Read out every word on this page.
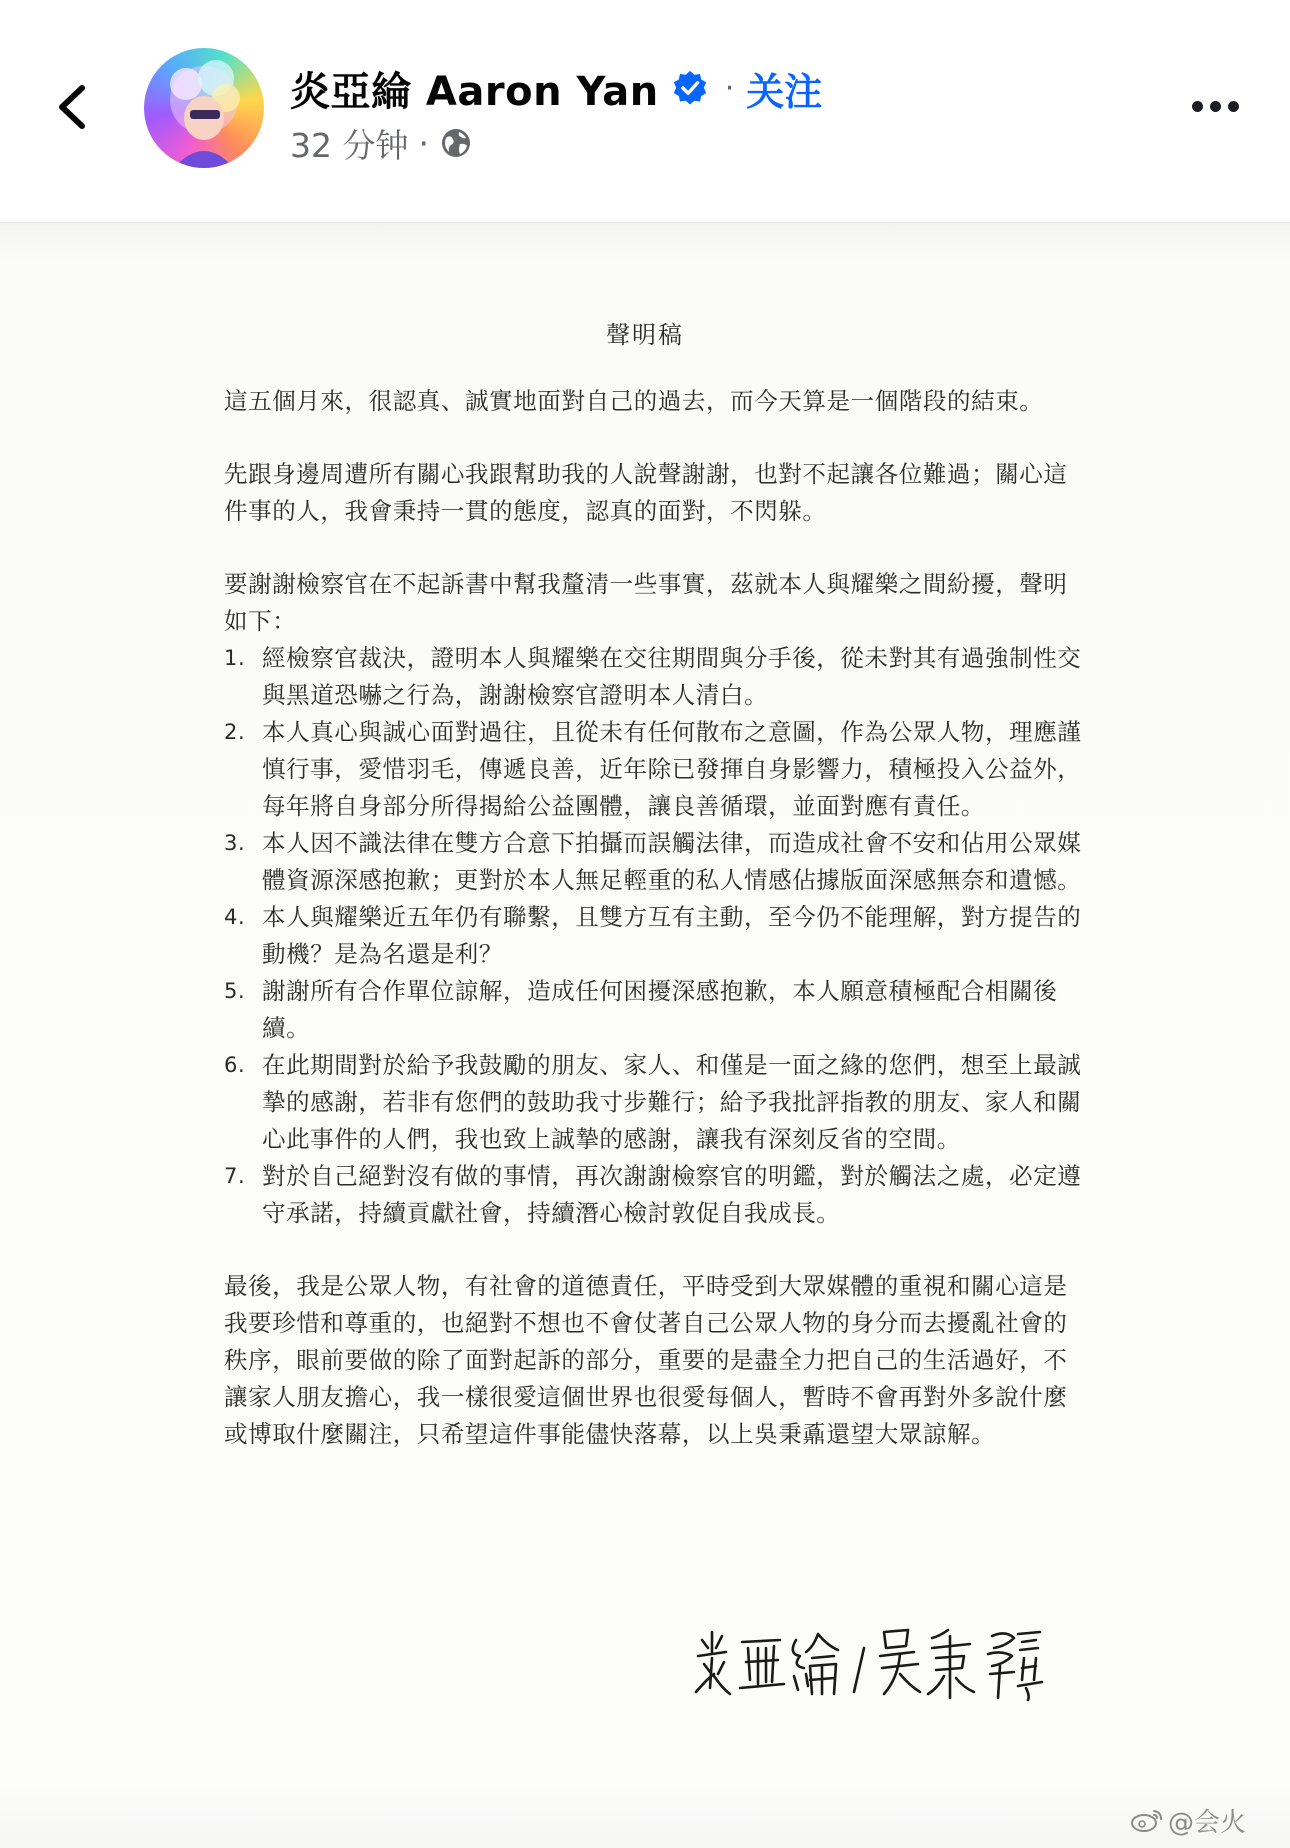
炎亞綸 Aaron Yan · 关注
32 分钟 ·
聲明稿

這五個月來，很認真、誠實地面對自己的過去，而今天算是一個階段的結束。

先跟身邊周遭所有關心我跟幫助我的人說聲謝謝，也對不起讓各位難過；關心這件事的人，我會秉持一貫的態度，認真的面對，不閃躲。

要謝謝檢察官在不起訴書中幫我釐清一些事實，茲就本人與耀樂之間紛擾，聲明如下：

1. 經檢察官裁決，證明本人與耀樂在交往期間與分手後，從未對其有過強制性交與黑道恐嚇之行為，謝謝檢察官證明本人清白。
2. 本人真心與誠心面對過往，且從未有任何散布之意圖，作為公眾人物，理應謹慎行事，愛惜羽毛，傳遞良善，近年除已發揮自身影響力，積極投入公益外，每年將自身部分所得揭給公益團體，讓良善循環，並面對應有責任。
3. 本人因不識法律在雙方合意下拍攝而誤觸法律，而造成社會不安和佔用公眾媒體資源深感抱歉；更對於本人無足輕重的私人情感佔據版面深感無奈和遺憾。
4. 本人與耀樂近五年仍有聯繫，且雙方互有主動，至今仍不能理解，對方提告的動機？是為名還是利？
5. 謝謝所有合作單位諒解，造成任何困擾深感抱歉，本人願意積極配合相關後續。
6. 在此期間對於給予我鼓勵的朋友、家人、和僅是一面之緣的您們，想至上最誠摯的感謝，若非有您們的鼓助我寸步難行；給予我批評指教的朋友、家人和關心此事件的人們，我也致上誠摯的感謝，讓我有深刻反省的空間。
7. 對於自己絕對沒有做的事情，再次謝謝檢察官的明鑑，對於觸法之處，必定遵守承諾，持續貢獻社會，持續潛心檢討敦促自我成長。

最後，我是公眾人物，有社會的道德責任，平時受到大眾媒體的重視和關心這是我要珍惜和尊重的，也絕對不想也不會仗著自己公眾人物的身分而去擾亂社會的秩序，眼前要做的除了面對起訴的部分，重要的是盡全力把自己的生活過好，不讓家人朋友擔心，我一樣很愛這個世界也很愛每個人，暫時不會再對外多說什麼或博取什麼關注，只希望這件事能儘快落幕，以上吳秉鼒還望大眾諒解。

@会火
